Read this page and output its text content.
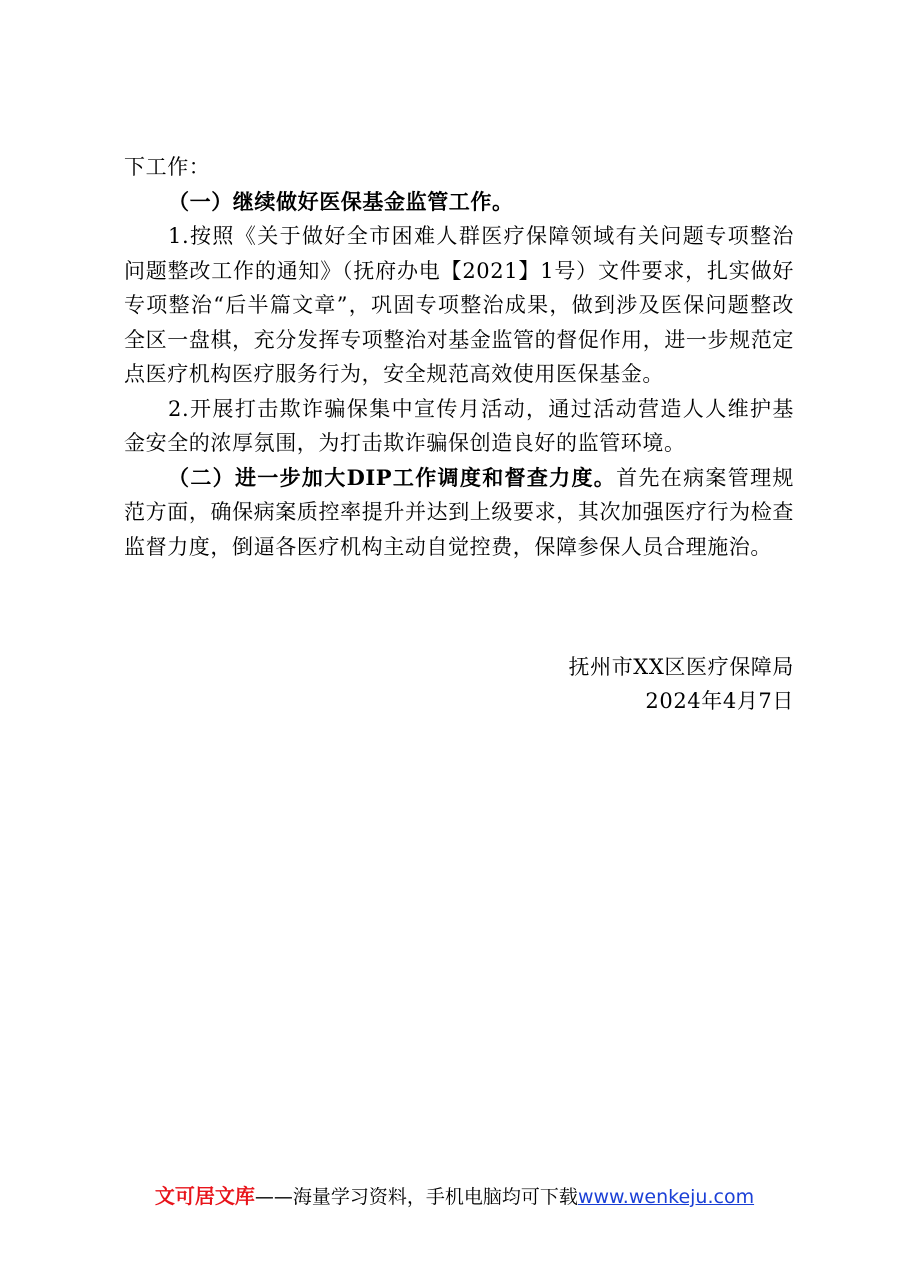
下工作：

（一）继续做好医保基金监管工作。

1.按照《关于做好全市困难人群医疗保障领域有关问题专项整治问题整改工作的通知》（抚府办电【2021】1号）文件要求，扎实做好专项整治“后半篇文章”，巩固专项整治成果，做到涉及医保问题整改全区一盘棋，充分发挥专项整治对基金监管的督促作用，进一步规范定点医疗机构医疗服务行为，安全规范高效使用医保基金。

2.开展打击欺诈骗保集中宣传月活动，通过活动营造人人维护基金安全的浓厚氛围，为打击欺诈骗保创造良好的监管环境。

（二）进一步加大DIP工作调度和督查力度。首先在病案管理规范方面，确保病案质控率提升并达到上级要求，其次加强医疗行为检查监督力度，倒逼各医疗机构主动自觉控费，保障参保人员合理施治。

抚州市XX区医疗保障局
2024年4月7日
文可居文库——海量学习资料，手机电脑均可下载www.wenkeju.com
